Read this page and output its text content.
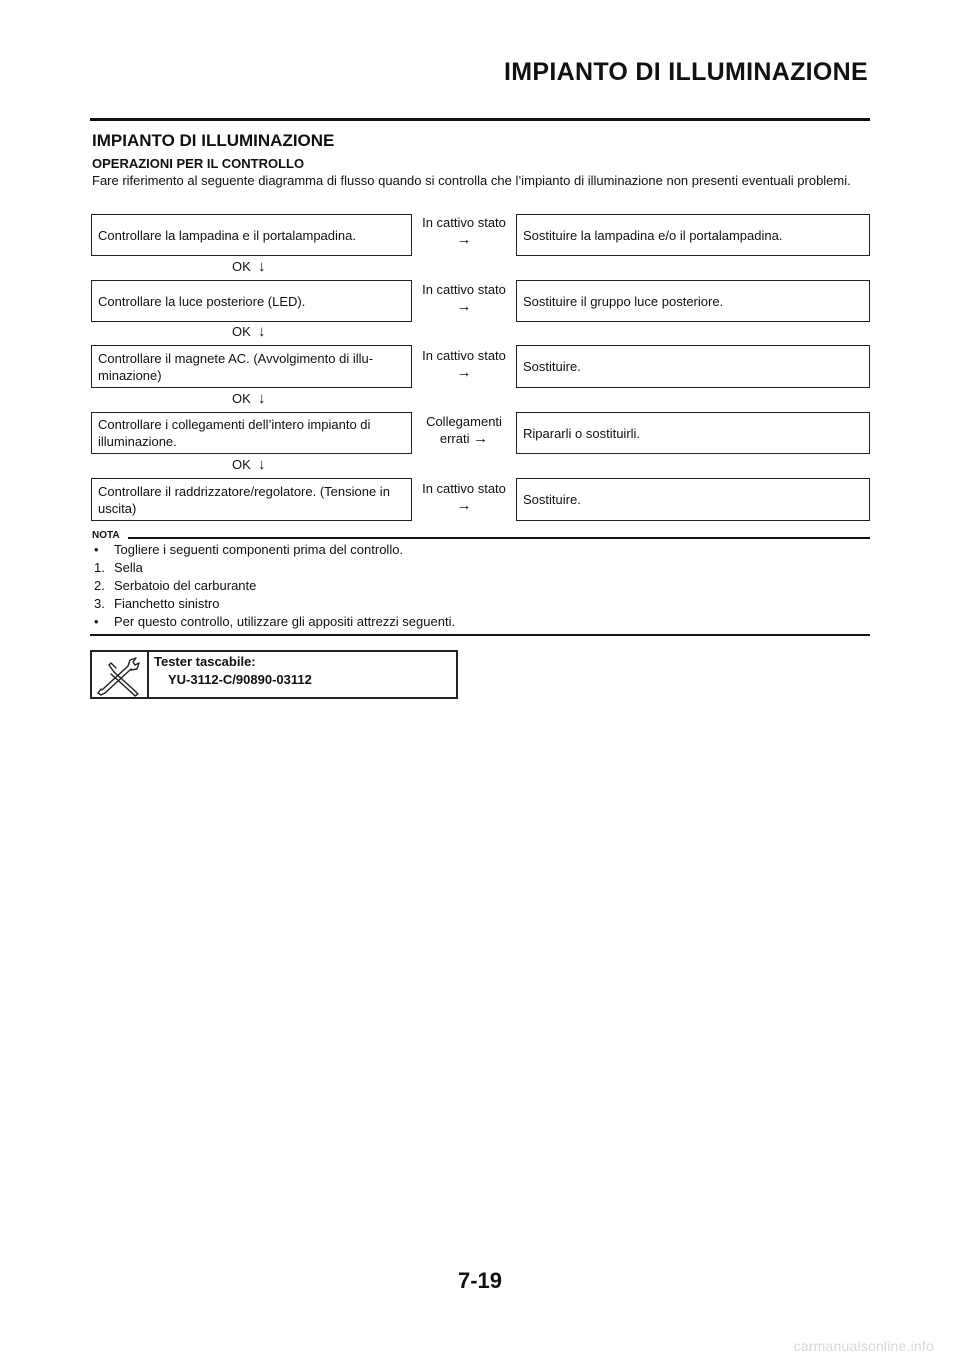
IMPIANTO DI ILLUMINAZIONE
IMPIANTO DI ILLUMINAZIONE
OPERAZIONI PER IL CONTROLLO
Fare riferimento al seguente diagramma di flusso quando si controlla che l’impianto di illuminazione non presenti eventuali problemi.
Controllare la lampadina e il portalampadina.
In cattivo stato
→	Sostituire la lampadina e/o il portalampadina.
OK ↓
Controllare la luce posteriore (LED).
In cattivo stato
→	Sostituire il gruppo luce posteriore.
OK ↓
Controllare il magnete AC. (Avvolgimento di illu-minazione)
In cattivo stato
→	Sostituire.
OK ↓
Controllare i collegamenti dell’intero impianto di illuminazione.
Collegamenti errati →	Ripararli o sostituirli.
OK ↓
Controllare il raddrizzatore/regolatore. (Tensione in uscita)
In cattivo stato
→	Sostituire.
NOTA
• Togliere i seguenti componenti prima del controllo.
1. Sella
2. Serbatoio del carburante
3. Fianchetto sinistro
• Per questo controllo, utilizzare gli appositi attrezzi seguenti.
Tester tascabile:
YU-3112-C/90890-03112
7-19
carmanualsonline.info
